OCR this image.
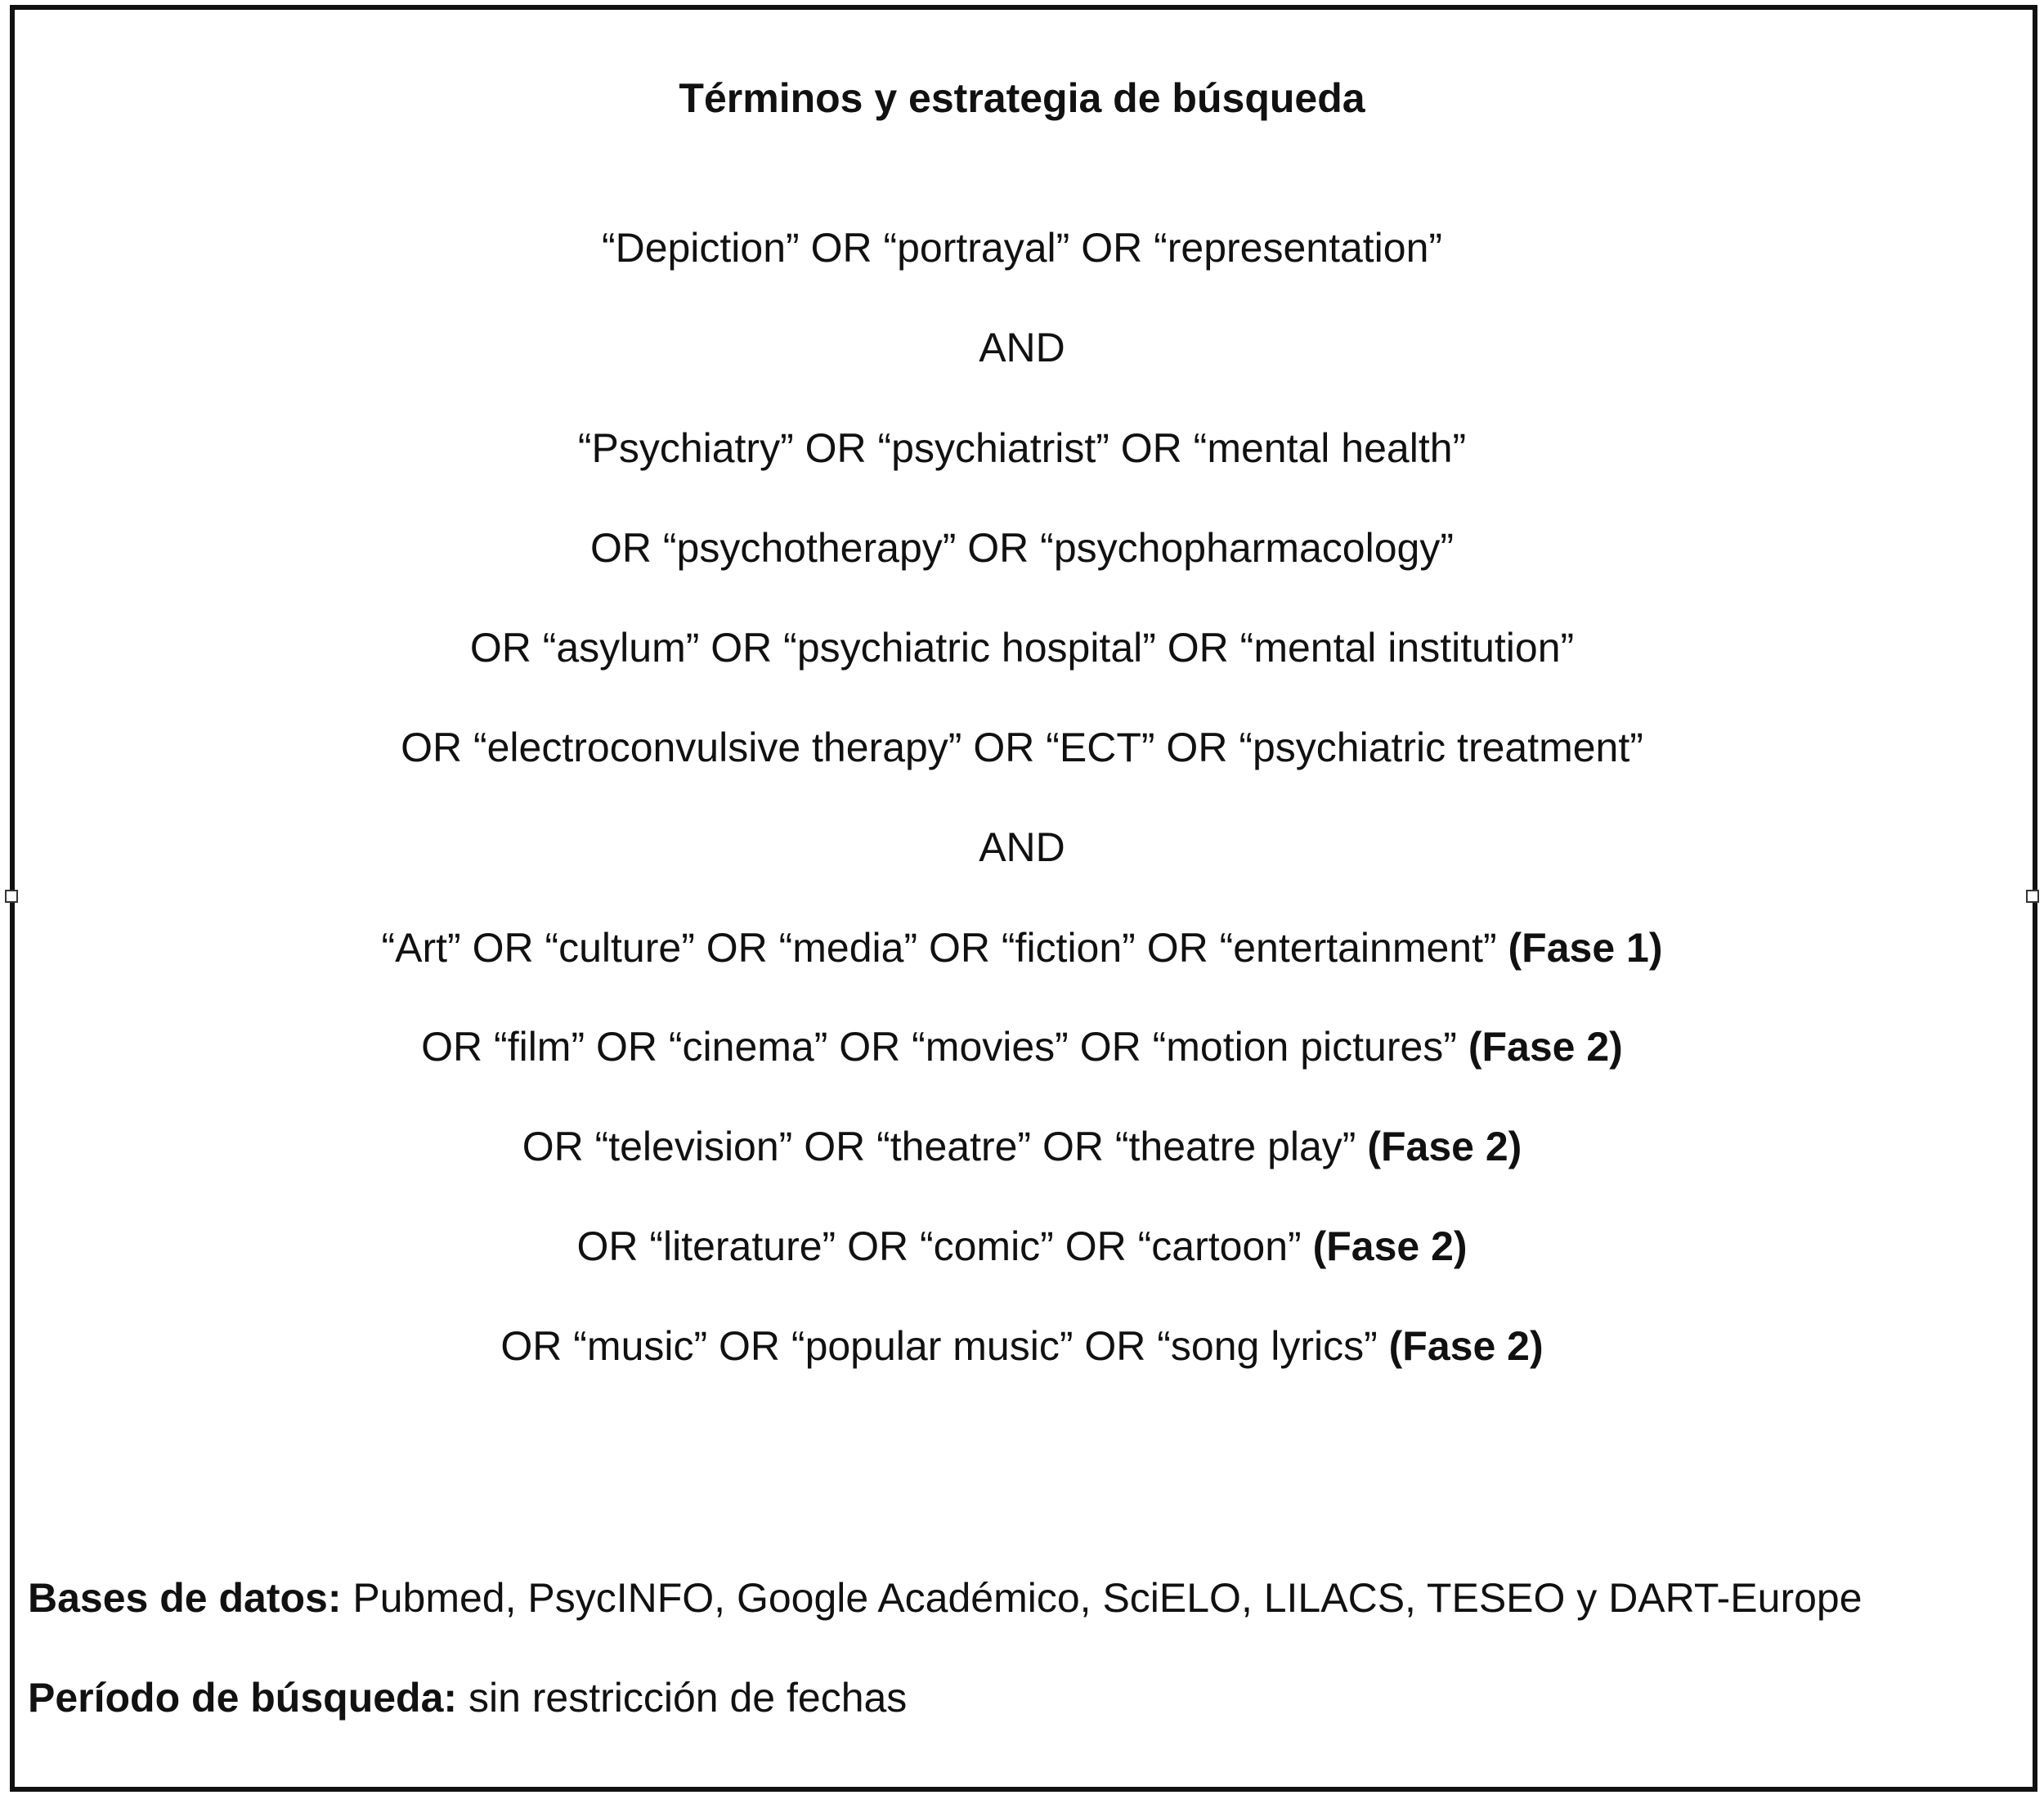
Términos y estrategia de búsqueda
“Depiction” OR “portrayal” OR “representation”
AND
“Psychiatry” OR “psychiatrist” OR “mental health”
OR “psychotherapy” OR “psychopharmacology”
OR “asylum” OR “psychiatric hospital” OR “mental institution”
OR “electroconvulsive therapy” OR “ECT” OR “psychiatric treatment”
AND
“Art” OR “culture” OR “media” OR “fiction” OR “entertainment” (Fase 1)
OR “film” OR “cinema” OR “movies” OR “motion pictures” (Fase 2)
OR “television” OR “theatre” OR “theatre play” (Fase 2)
OR “literature” OR “comic” OR “cartoon” (Fase 2)
OR “music” OR “popular music” OR “song lyrics” (Fase 2)
Bases de datos: Pubmed, PsycINFO, Google Académico, SciELO, LILACS, TESEO y DART-Europe
Período de búsqueda: sin restricción de fechas
